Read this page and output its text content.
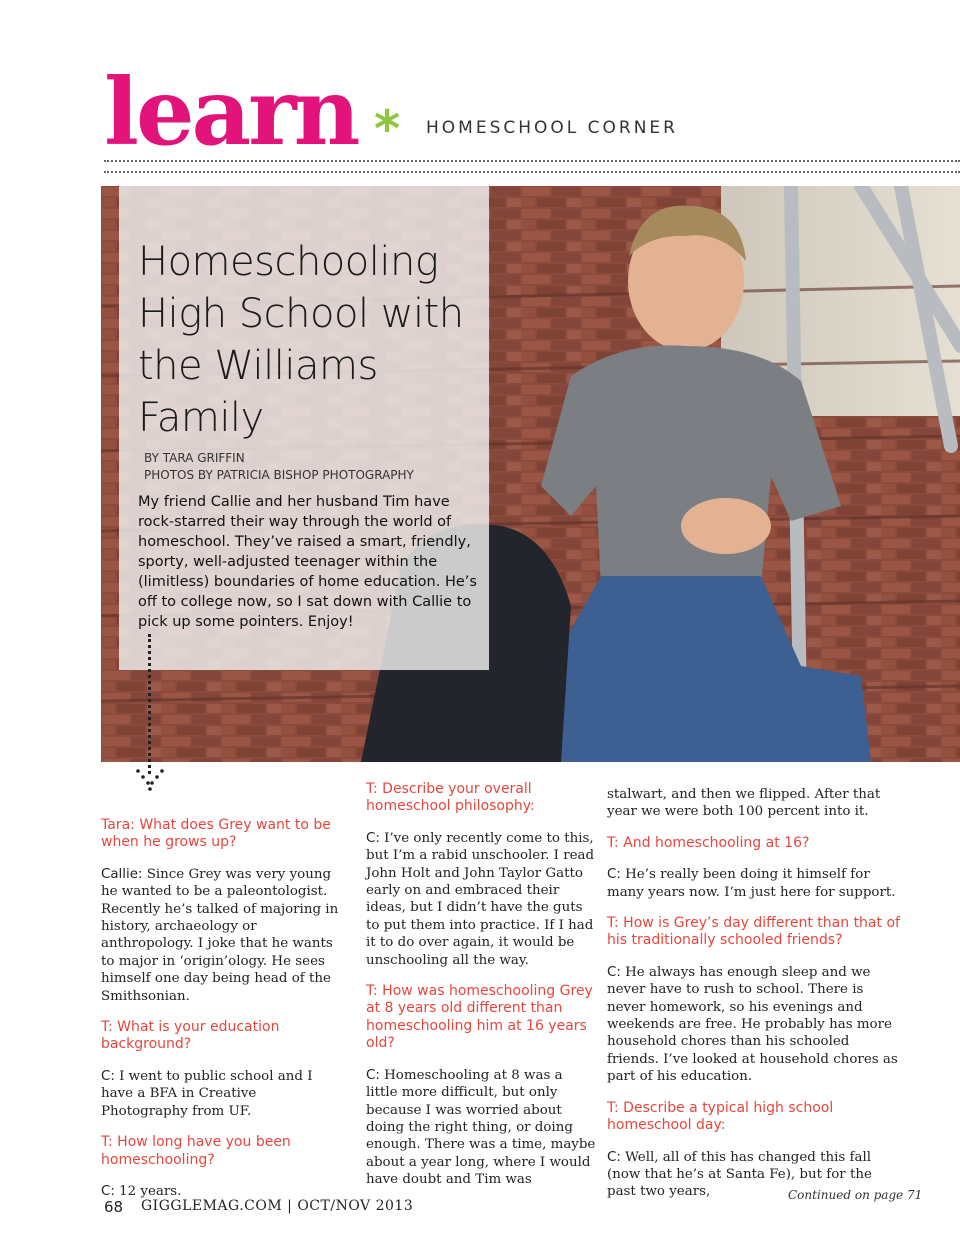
learn * HOMESCHOOL CORNER
Homeschooling High School with the Williams Family
BY TARA GRIFFIN
PHOTOS BY PATRICIA BISHOP PHOTOGRAPHY
My friend Callie and her husband Tim have rock-starred their way through the world of homeschool. They’ve raised a smart, friendly, sporty, well-adjusted teenager within the (limitless) boundaries of home education. He’s off to college now, so I sat down with Callie to pick up some pointers. Enjoy!
Tara: What does Grey want to be when he grows up?

Callie: Since Grey was very young he wanted to be a paleontologist. Recently he’s talked of majoring in history, archaeology or anthropology. I joke that he wants to major in ‘origin’ology. He sees himself one day being head of the Smithsonian.

T: What is your education background?

C: I went to public school and I have a BFA in Creative Photography from UF.

T: How long have you been homeschooling?

C: 12 years.

T: Describe your overall homeschool philosophy:

C: I’ve only recently come to this, but I’m a rabid unschooler. I read John Holt and John Taylor Gatto early on and embraced their ideas, but I didn’t have the guts to put them into practice. If I had it to do over again, it would be unschooling all the way.

T: How was homeschooling Grey at 8 years old different than homeschooling him at 16 years old?

C: Homeschooling at 8 was a little more difficult, but only because I was worried about doing the right thing, or doing enough. There was a time, maybe about a year long, where I would have doubt and Tim was

stalwart, and then we flipped. After that year we were both 100 percent into it.

T: And homeschooling at 16?

C: He’s really been doing it himself for many years now. I’m just here for support.

T: How is Grey’s day different than that of his traditionally schooled friends?

C: He always has enough sleep and we never have to rush to school. There is never homework, so his evenings and weekends are free. He probably has more household chores than his schooled friends. I’ve looked at household chores as part of his education.

T: Describe a typical high school homeschool day:

C: Well, all of this has changed this fall (now that he’s at Santa Fe), but for the past two years,

68 GIGGLEMAG.COM | OCT/NOV 2013
Continued on page 71
